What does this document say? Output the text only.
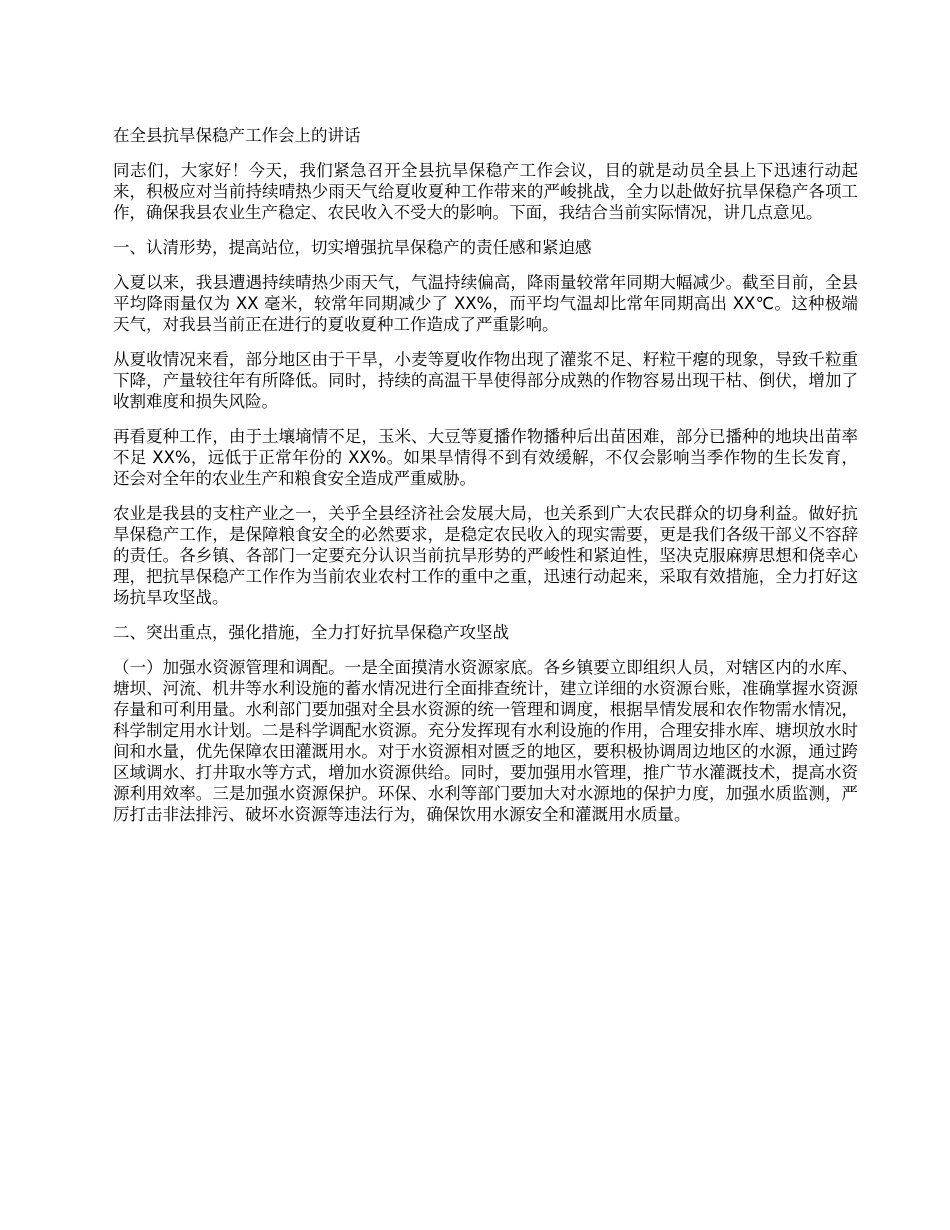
在全县抗旱保稳产工作会上的讲话
同志们，大家好！今天，我们紧急召开全县抗旱保稳产工作会议，目的就是动员全县上下迅速行动起来，积极应对当前持续晴热少雨天气给夏收夏种工作带来的严峻挑战，全力以赴做好抗旱保稳产各项工作，确保我县农业生产稳定、农民收入不受大的影响。下面，我结合当前实际情况，讲几点意见。
一、认清形势，提高站位，切实增强抗旱保稳产的责任感和紧迫感
入夏以来，我县遭遇持续晴热少雨天气，气温持续偏高，降雨量较常年同期大幅减少。截至目前，全县平均降雨量仅为 XX 毫米，较常年同期减少了 XX%，而平均气温却比常年同期高出 XX℃。这种极端天气，对我县当前正在进行的夏收夏种工作造成了严重影响。
从夏收情况来看，部分地区由于干旱，小麦等夏收作物出现了灌浆不足、籽粒干瘪的现象，导致千粒重下降，产量较往年有所降低。同时，持续的高温干旱使得部分成熟的作物容易出现干枯、倒伏，增加了收割难度和损失风险。
再看夏种工作，由于土壤墒情不足，玉米、大豆等夏播作物播种后出苗困难，部分已播种的地块出苗率不足 XX%，远低于正常年份的 XX%。如果旱情得不到有效缓解，不仅会影响当季作物的生长发育，还会对全年的农业生产和粮食安全造成严重威胁。
农业是我县的支柱产业之一，关乎全县经济社会发展大局，也关系到广大农民群众的切身利益。做好抗旱保稳产工作，是保障粮食安全的必然要求，是稳定农民收入的现实需要，更是我们各级干部义不容辞的责任。各乡镇、各部门一定要充分认识当前抗旱形势的严峻性和紧迫性，坚决克服麻痹思想和侥幸心理，把抗旱保稳产工作作为当前农业农村工作的重中之重，迅速行动起来，采取有效措施，全力打好这场抗旱攻坚战。
二、突出重点，强化措施，全力打好抗旱保稳产攻坚战
（一）加强水资源管理和调配。一是全面摸清水资源家底。各乡镇要立即组织人员，对辖区内的水库、塘坝、河流、机井等水利设施的蓄水情况进行全面排查统计，建立详细的水资源台账，准确掌握水资源存量和可利用量。水利部门要加强对全县水资源的统一管理和调度，根据旱情发展和农作物需水情况，科学制定用水计划。二是科学调配水资源。充分发挥现有水利设施的作用，合理安排水库、塘坝放水时间和水量，优先保障农田灌溉用水。对于水资源相对匮乏的地区，要积极协调周边地区的水源，通过跨区域调水、打井取水等方式，增加水资源供给。同时，要加强用水管理，推广节水灌溉技术，提高水资源利用效率。三是加强水资源保护。环保、水利等部门要加大对水源地的保护力度，加强水质监测，严厉打击非法排污、破坏水资源等违法行为，确保饮用水源安全和灌溉用水质量。
